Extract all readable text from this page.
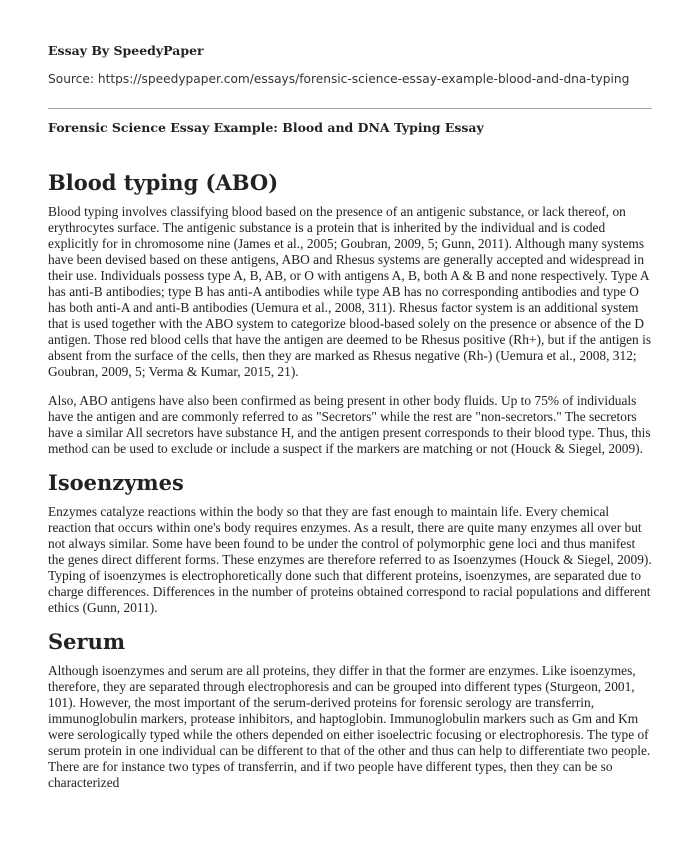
Essay By SpeedyPaper
Source: https://speedypaper.com/essays/forensic-science-essay-example-blood-and-dna-typing
Forensic Science Essay Example: Blood and DNA Typing Essay
Blood typing (ABO)

Blood typing involves classifying blood based on the presence of an antigenic substance, or lack thereof, on erythrocytes surface. The antigenic substance is a protein that is inherited by the individual and is coded explicitly for in chromosome nine (James et al., 2005; Goubran, 2009, 5; Gunn, 2011). Although many systems have been devised based on these antigens, ABO and Rhesus systems are generally accepted and widespread in their use. Individuals possess type A, B, AB, or O with antigens A, B, both A & B and none respectively. Type A has anti-B antibodies; type B has anti-A antibodies while type AB has no corresponding antibodies and type O has both anti-A and anti-B antibodies (Uemura et al., 2008, 311). Rhesus factor system is an additional system that is used together with the ABO system to categorize blood-based solely on the presence or absence of the D antigen. Those red blood cells that have the antigen are deemed to be Rhesus positive (Rh+), but if the antigen is absent from the surface of the cells, then they are marked as Rhesus negative (Rh-) (Uemura et al., 2008, 312; Goubran, 2009, 5; Verma & Kumar, 2015, 21).

Also, ABO antigens have also been confirmed as being present in other body fluids. Up to 75% of individuals have the antigen and are commonly referred to as "Secretors" while the rest are "non-secretors." The secretors have a similar All secretors have substance H, and the antigen present corresponds to their blood type. Thus, this method can be used to exclude or include a suspect if the markers are matching or not (Houck & Siegel, 2009).

Isoenzymes

Enzymes catalyze reactions within the body so that they are fast enough to maintain life. Every chemical reaction that occurs within one's body requires enzymes. As a result, there are quite many enzymes all over but not always similar. Some have been found to be under the control of polymorphic gene loci and thus manifest the genes direct different forms. These enzymes are therefore referred to as Isoenzymes (Houck & Siegel, 2009). Typing of isoenzymes is electrophoretically done such that different proteins, isoenzymes, are separated due to charge differences. Differences in the number of proteins obtained correspond to racial populations and different ethics (Gunn, 2011).

Serum

Although isoenzymes and serum are all proteins, they differ in that the former are enzymes. Like isoenzymes, therefore, they are separated through electrophoresis and can be grouped into different types (Sturgeon, 2001, 101). However, the most important of the serum-derived proteins for forensic serology are transferrin, immunoglobulin markers, protease inhibitors, and haptoglobin. Immunoglobulin markers such as Gm and Km were serologically typed while the others depended on either isoelectric focusing or electrophoresis. The type of serum protein in one individual can be different to that of the other and thus can help to differentiate two people. There are for instance two types of transferrin, and if two people have different types, then they can be so characterized
